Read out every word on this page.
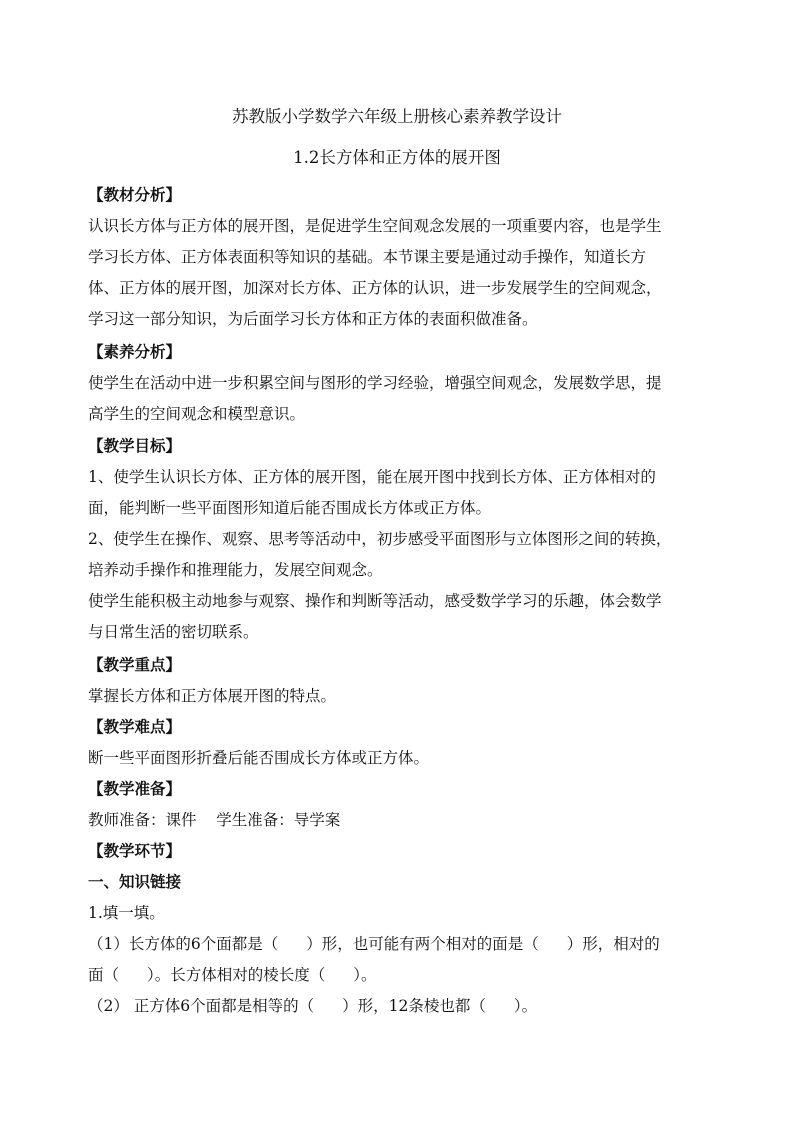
苏教版小学数学六年级上册核心素养教学设计
1.2长方体和正方体的展开图
【教材分析】
认识长方体与正方体的展开图，是促进学生空间观念发展的一项重要内容，也是学生
学习长方体、正方体表面积等知识的基础。本节课主要是通过动手操作，知道长方
体、正方体的展开图，加深对长方体、正方体的认识，进一步发展学生的空间观念，
学习这一部分知识，为后面学习长方体和正方体的表面积做准备。
【素养分析】
使学生在活动中进一步积累空间与图形的学习经验，增强空间观念，发展数学思，提
高学生的空间观念和模型意识。
【教学目标】
1、使学生认识长方体、正方体的展开图，能在展开图中找到长方体、正方体相对的
面，能判断一些平面图形知道后能否围成长方体或正方体。
2、使学生在操作、观察、思考等活动中，初步感受平面图形与立体图形之间的转换，
培养动手操作和推理能力，发展空间观念。
使学生能积极主动地参与观察、操作和判断等活动，感受数学学习的乐趣，体会数学
与日常生活的密切联系。
【教学重点】
掌握长方体和正方体展开图的特点。
【教学难点】
断一些平面图形折叠后能否围成长方体或正方体。
【教学准备】
教师准备：课件    学生准备：导学案
【教学环节】
一、知识链接
1.填一填。
（1）长方体的6个面都是（ ）形，也可能有两个相对的面是（ ）形，相对的
面（ ）。长方体相对的棱长度（ ）。
（2） 正方体6个面都是相等的（ ）形，12条棱也都（ ）。
